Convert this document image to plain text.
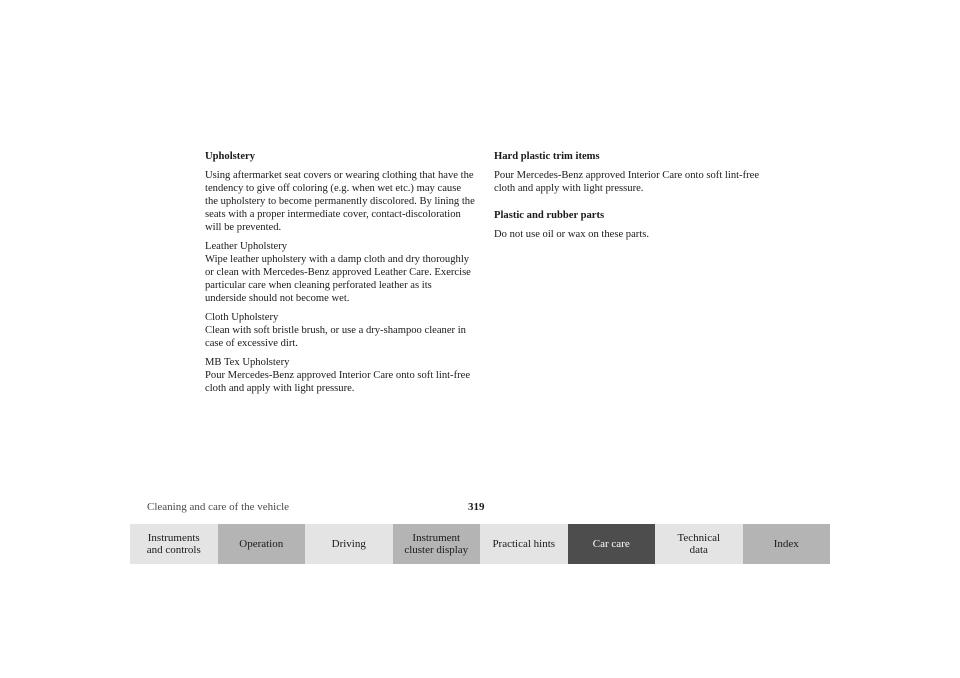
Upholstery

Using aftermarket seat covers or wearing clothing that have the tendency to give off coloring (e.g. when wet etc.) may cause the upholstery to become permanently discolored. By lining the seats with a proper intermediate cover, contact-discoloration will be prevented.

Leather Upholstery

Wipe leather upholstery with a damp cloth and dry thoroughly or clean with Mercedes-Benz approved Leather Care. Exercise particular care when cleaning perforated leather as its underside should not become wet.

Cloth Upholstery

Clean with soft bristle brush, or use a dry-shampoo cleaner in case of excessive dirt.

MB Tex Upholstery

Pour Mercedes-Benz approved Interior Care onto soft lint-free cloth and apply with light pressure.

Hard plastic trim items

Pour Mercedes-Benz approved Interior Care onto soft lint-free cloth and apply with light pressure.

Plastic and rubber parts

Do not use oil or wax on these parts.

Cleaning and care of the vehicle	319
Instruments
and controls	Operation	Driving	Instrument
cluster display Practical hints	Car care	Technical
data	Index
